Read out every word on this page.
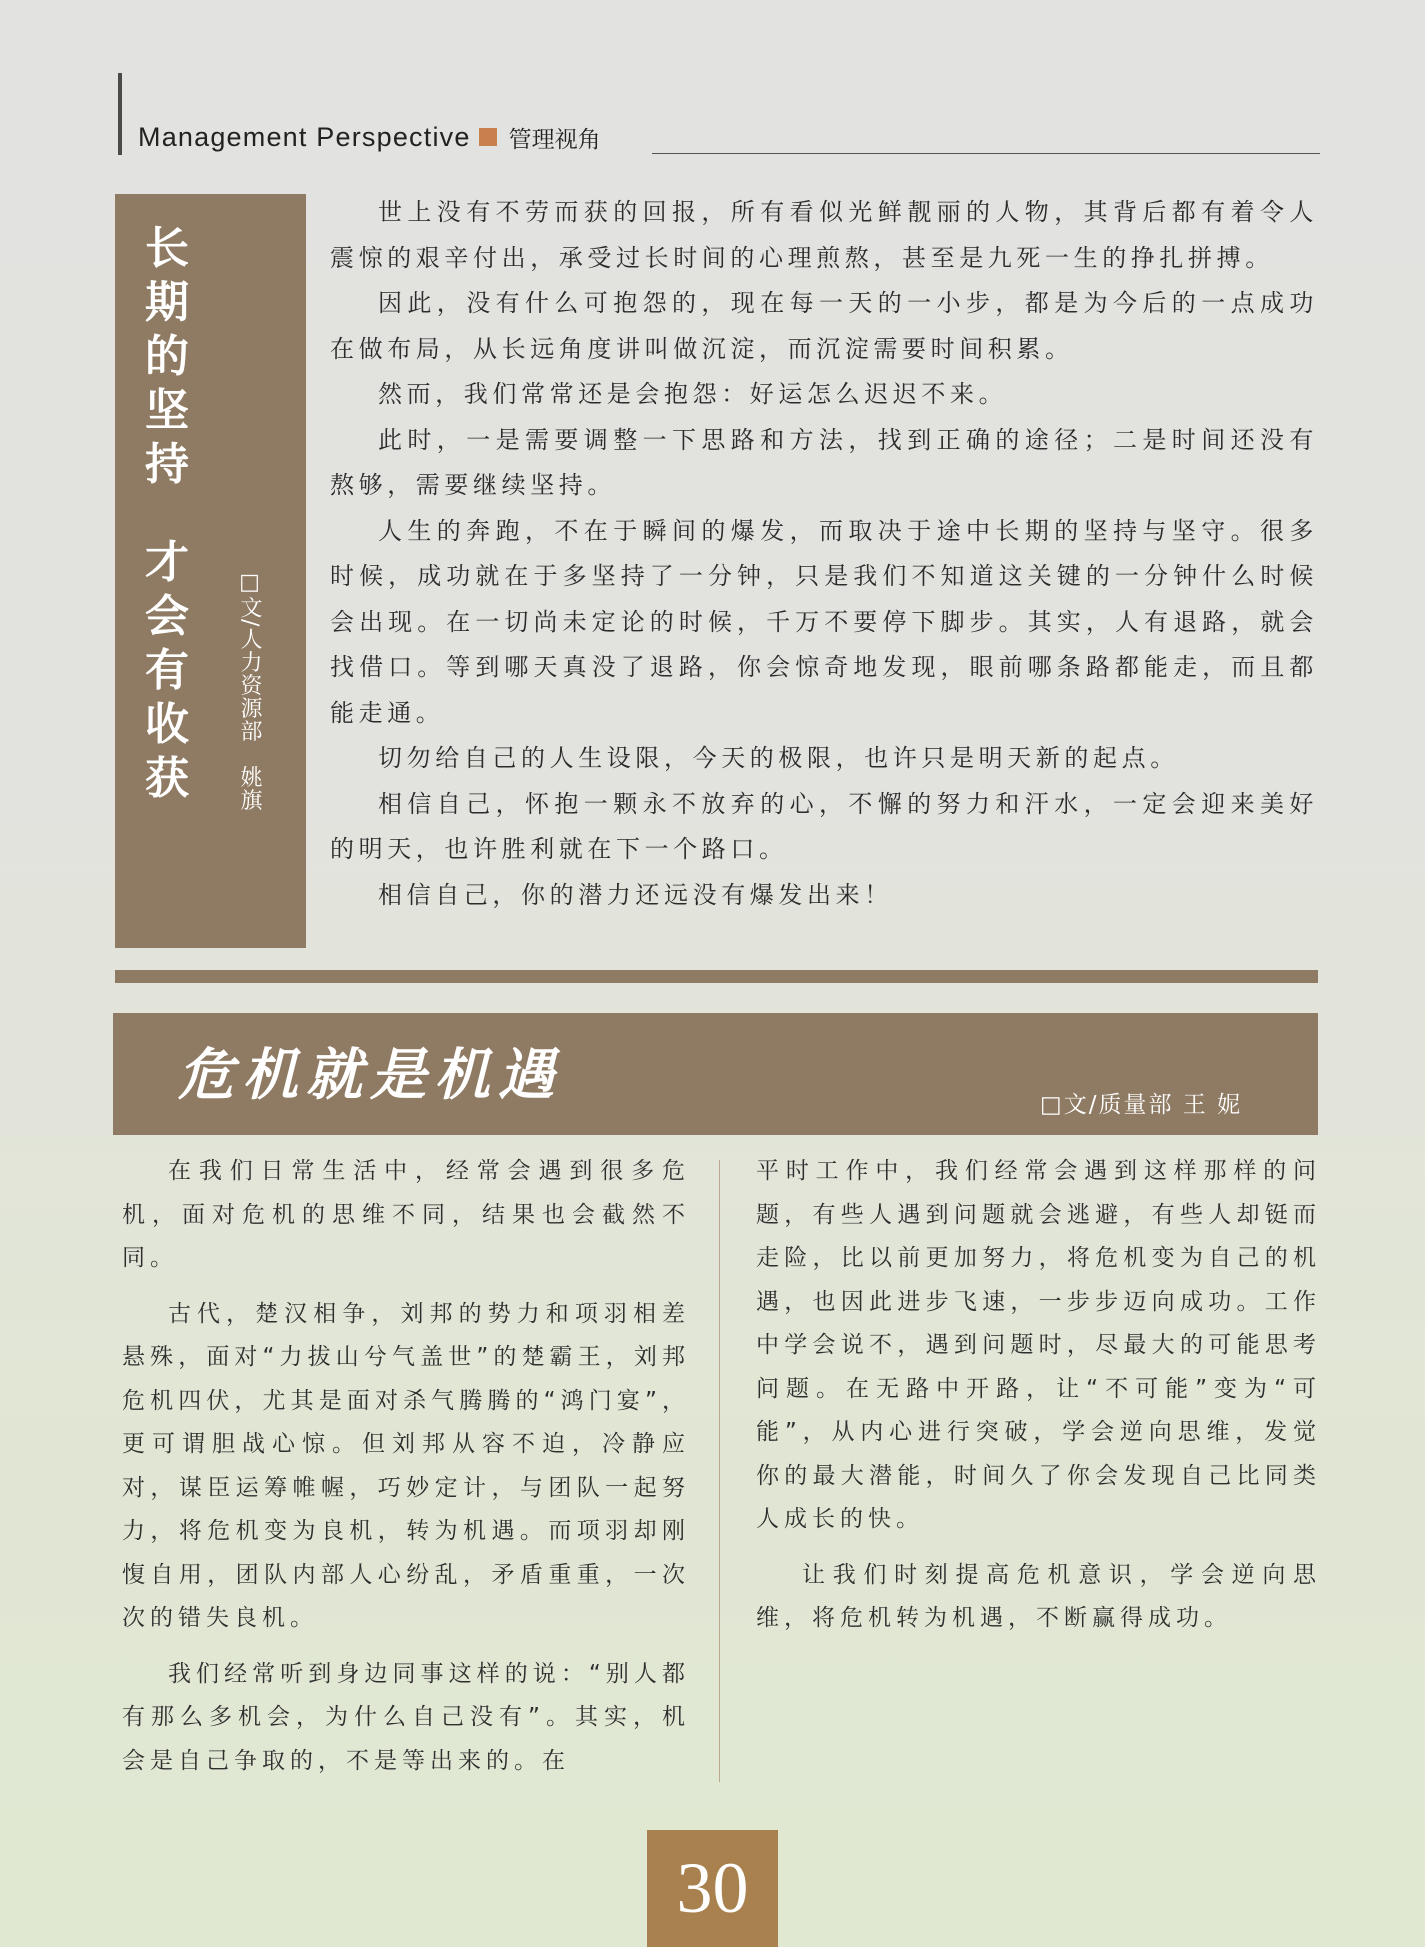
Management Perspective 管理视角
长
期
的
坚
持
才
会
有
收
获	□文/人力资源部　姚旗

世上没有不劳而获的回报，所有看似光鲜靓丽的人物，其背后都有着令人震惊的艰辛付出，承受过长时间的心理煎熬，甚至是九死一生的挣扎拼搏。

因此，没有什么可抱怨的，现在每一天的一小步，都是为今后的一点成功在做布局，从长远角度讲叫做沉淀，而沉淀需要时间积累。

然而，我们常常还是会抱怨：好运怎么迟迟不来。

此时，一是需要调整一下思路和方法，找到正确的途径；二是时间还没有熬够，需要继续坚持。

人生的奔跑，不在于瞬间的爆发，而取决于途中长期的坚持与坚守。很多时候，成功就在于多坚持了一分钟，只是我们不知道这关键的一分钟什么时候会出现。在一切尚未定论的时候，千万不要停下脚步。其实，人有退路，就会找借口。等到哪天真没了退路，你会惊奇地发现，眼前哪条路都能走，而且都能走通。

切勿给自己的人生设限，今天的极限，也许只是明天新的起点。

相信自己，怀抱一颗永不放弃的心，不懈的努力和汗水，一定会迎来美好的明天，也许胜利就在下一个路口。

相信自己，你的潜力还远没有爆发出来！

危机就是机遇	□文/质量部 王 妮

在我们日常生活中，经常会遇到很多危机，面对危机的思维不同，结果也会截然不同。

古代，楚汉相争，刘邦的势力和项羽相差悬殊，面对“力拔山兮气盖世”的楚霸王，刘邦危机四伏，尤其是面对杀气腾腾的“鸿门宴”，更可谓胆战心惊。但刘邦从容不迫，冷静应对，谋臣运筹帷幄，巧妙定计，与团队一起努力，将危机变为良机，转为机遇。而项羽却刚愎自用，团队内部人心纷乱，矛盾重重，一次次的错失良机。

我们经常听到身边同事这样的说：“别人都有那么多机会，为什么自己没有”。其实，机会是自己争取的，不是等出来的。在

平时工作中，我们经常会遇到这样那样的问题，有些人遇到问题就会逃避，有些人却铤而走险，比以前更加努力，将危机变为自己的机遇，也因此进步飞速，一步步迈向成功。工作中学会说不，遇到问题时，尽最大的可能思考问题。在无路中开路，让“不可能”变为“可能”，从内心进行突破，学会逆向思维，发觉你的最大潜能，时间久了你会发现自己比同类人成长的快。

让我们时刻提高危机意识，学会逆向思维，将危机转为机遇，不断赢得成功。

30
